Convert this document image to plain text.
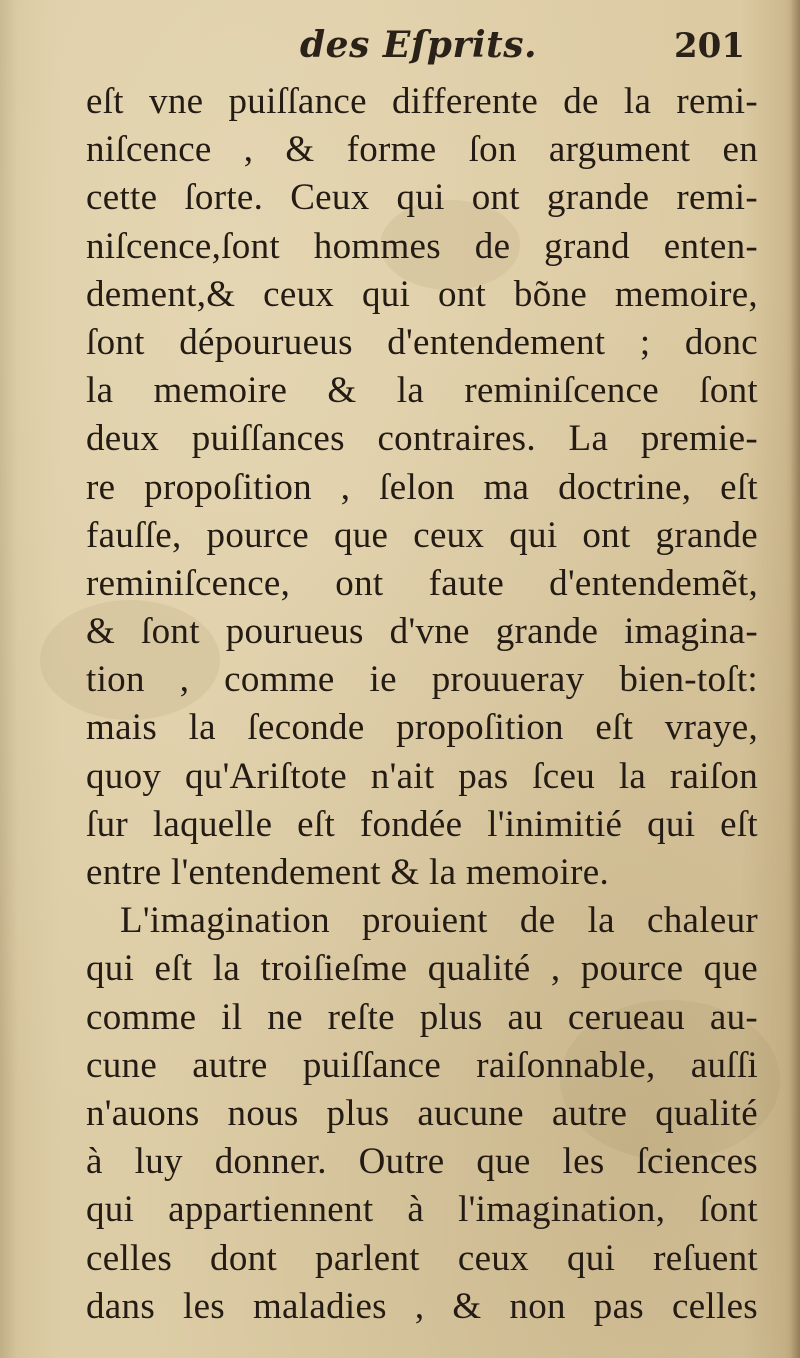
des Eſprits.	201
eſt vne puiſſance differente de la remi-
niſcence , & forme ſon argument en
cette ſorte. Ceux qui ont grande remi-
niſcence,ſont hommes de grand enten-
dement,& ceux qui ont bõne memoire,
ſont dépourueus d'entendement ; donc
la memoire & la reminiſcence ſont
deux puiſſances contraires. La premie-
re propoſition , ſelon ma doctrine, eſt
fauſſe, pource que ceux qui ont grande
reminiſcence, ont faute d'entendemẽt,
& ſont pourueus d'vne grande imagina-
tion , comme ie prouueray bien-toſt:
mais la ſeconde propoſition eſt vraye,
quoy qu'Ariſtote n'ait pas ſceu la raiſon
ſur laquelle eſt fondée l'inimitié qui eſt
entre l'entendement & la memoire.
L'imagination prouient de la chaleur
qui eſt la troiſieſme qualité , pource que
comme il ne reſte plus au cerueau au-
cune autre puiſſance raiſonnable, auſſi
n'auons nous plus aucune autre qualité
à luy donner. Outre que les ſciences
qui appartiennent à l'imagination, ſont
celles dont parlent ceux qui reſuent
dans les maladies , & non pas celles
